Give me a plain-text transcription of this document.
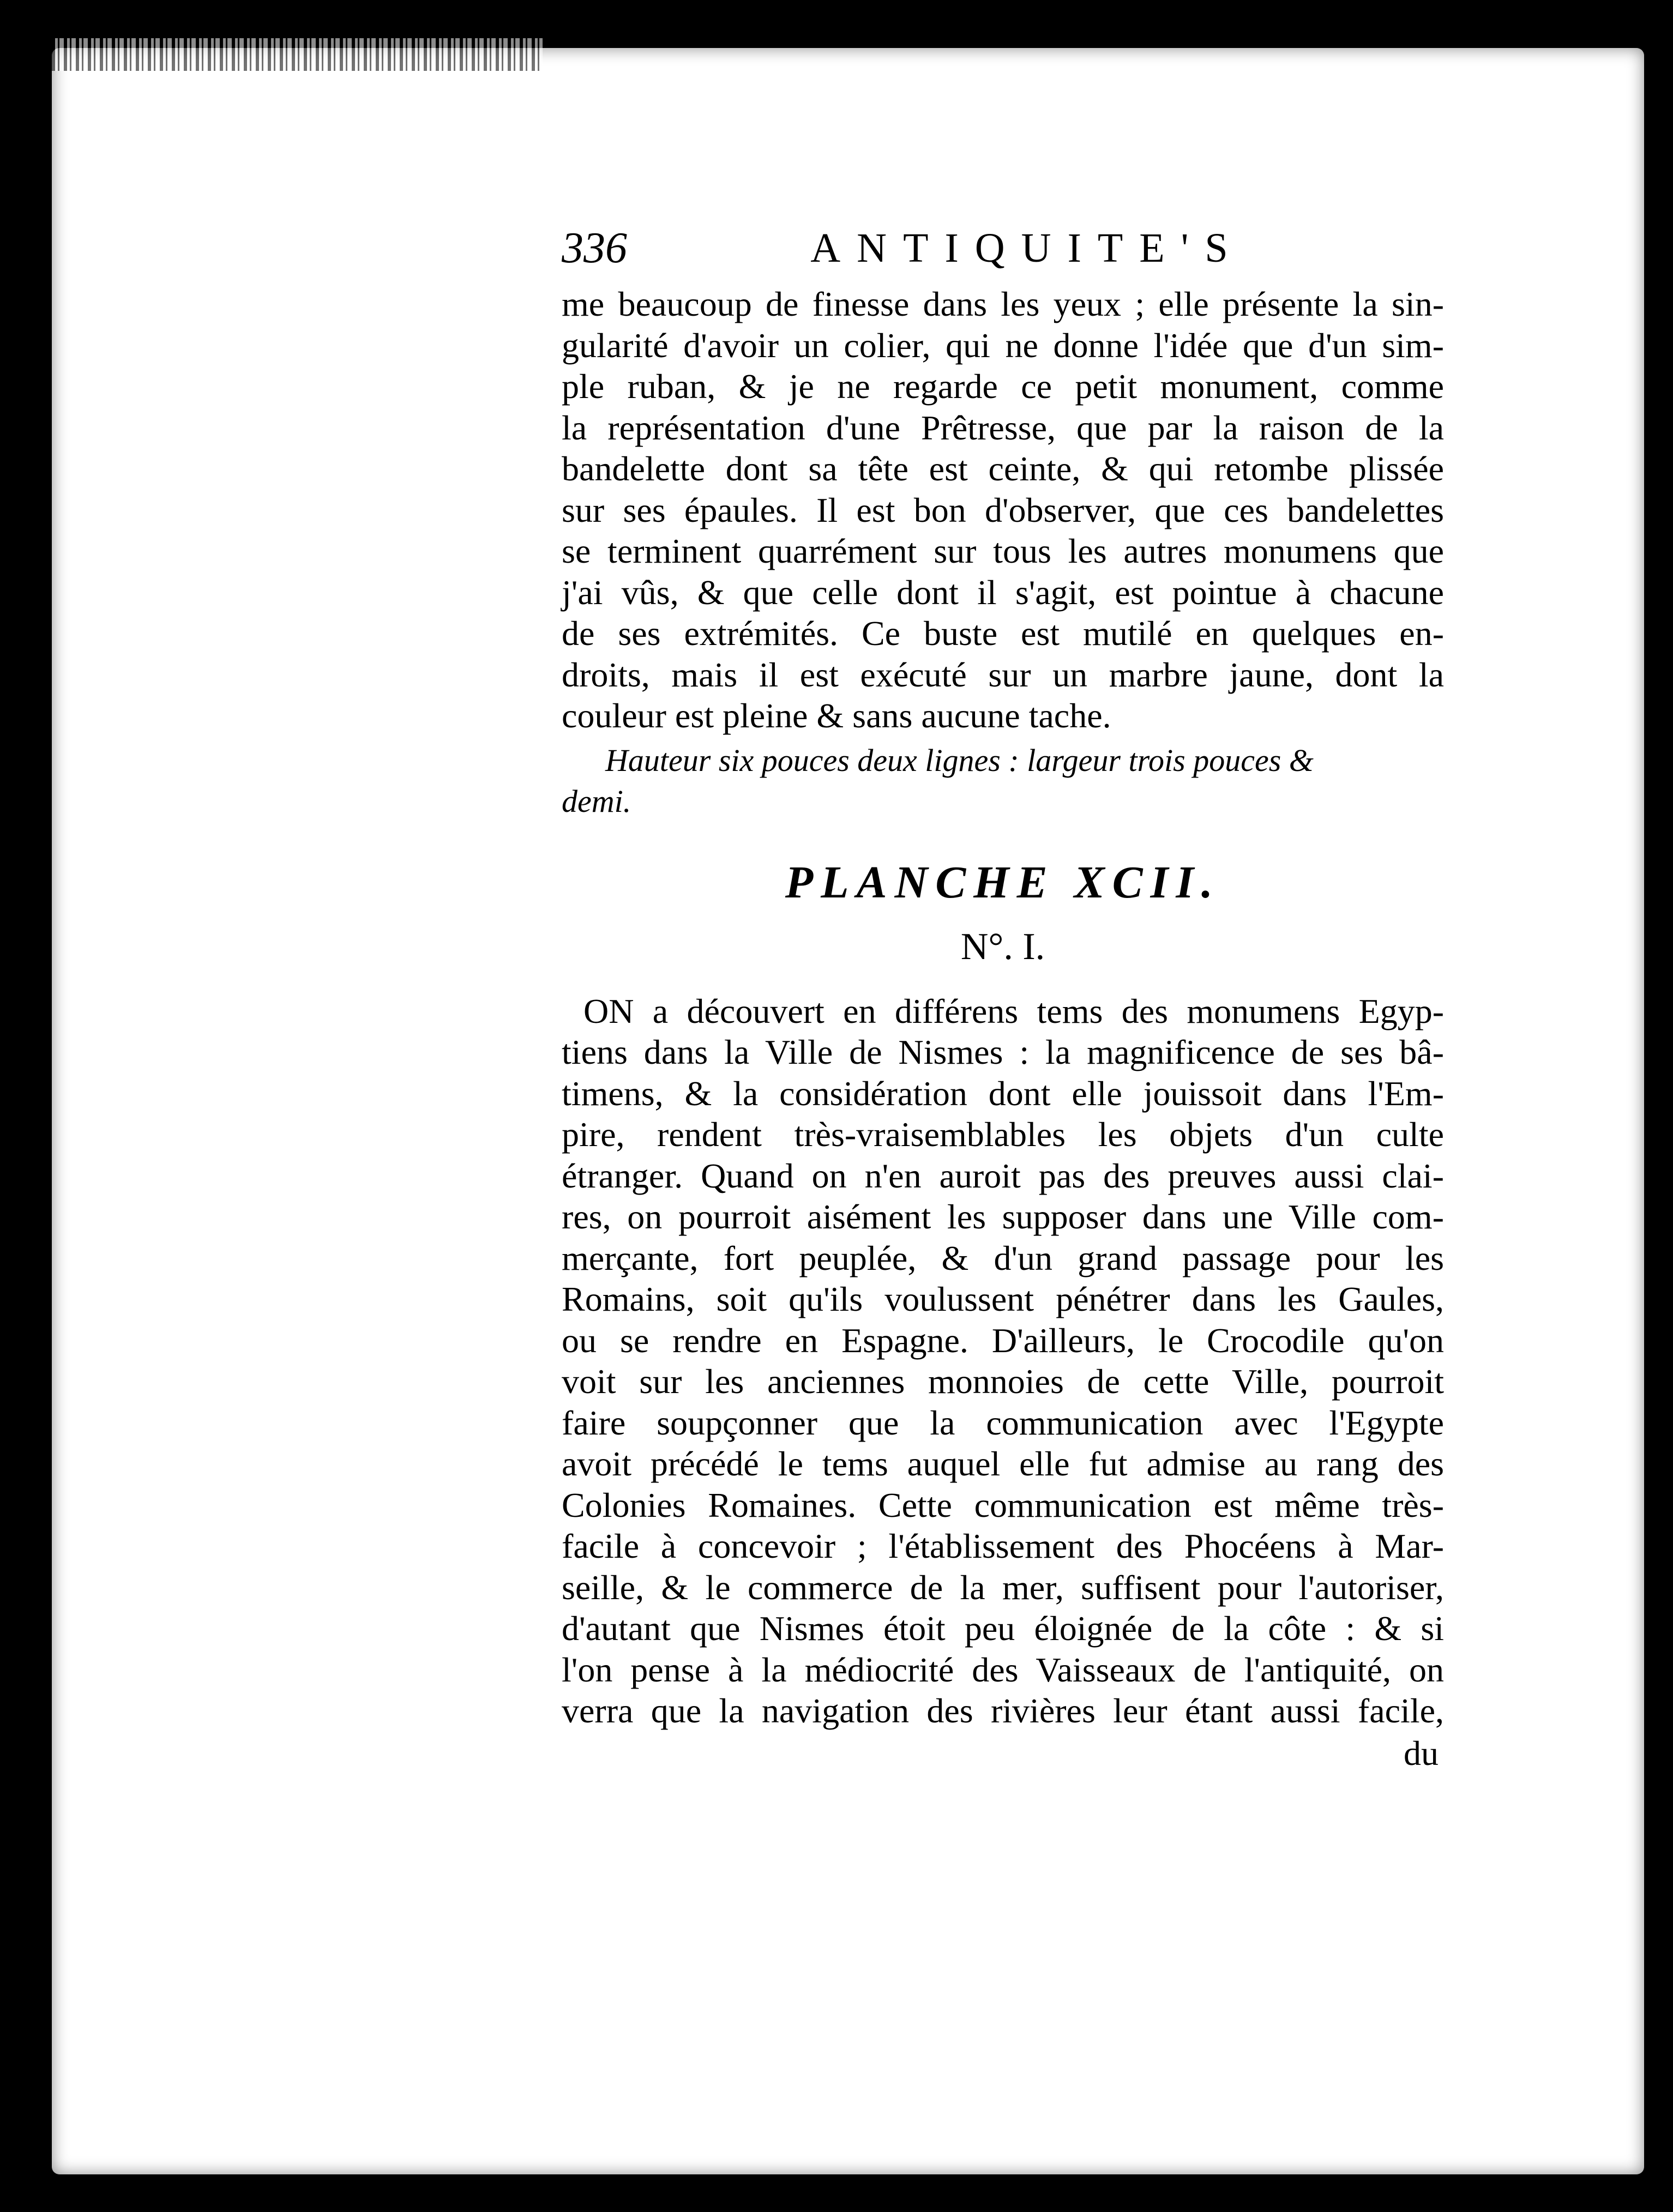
336	ANTIQUITE'S
me beaucoup de finesse dans les yeux ; elle présente la sin-
gularité d'avoir un colier, qui ne donne l'idée que d'un sim-
ple ruban, & je ne regarde ce petit monument, comme
la représentation d'une Prêtresse, que par la raison de la
bandelette dont sa tête est ceinte, & qui retombe plissée
sur ses épaules. Il est bon d'observer, que ces bandelettes
se terminent quarrément sur tous les autres monumens que
j'ai vûs, & que celle dont il s'agit, est pointue à chacune
de ses extrémités. Ce buste est mutilé en quelques en-
droits, mais il est exécuté sur un marbre jaune, dont la
couleur est pleine & sans aucune tache.
Hauteur six pouces deux lignes : largeur trois pouces &
demi.
PLANCHE XCII.
N°. I.
ON a découvert en différens tems des monumens Egyp-
tiens dans la Ville de Nismes : la magnificence de ses bâ-
timens, & la considération dont elle jouissoit dans l'Em-
pire, rendent très-vraisemblables les objets d'un culte
étranger. Quand on n'en auroit pas des preuves aussi clai-
res, on pourroit aisément les supposer dans une Ville com-
merçante, fort peuplée, & d'un grand passage pour les
Romains, soit qu'ils voulussent pénétrer dans les Gaules,
ou se rendre en Espagne. D'ailleurs, le Crocodile qu'on
voit sur les anciennes monnoies de cette Ville, pourroit
faire soupçonner que la communication avec l'Egypte
avoit précédé le tems auquel elle fut admise au rang des
Colonies Romaines. Cette communication est même très-
facile à concevoir ; l'établissement des Phocéens à Mar-
seille, & le commerce de la mer, suffisent pour l'autoriser,
d'autant que Nismes étoit peu éloignée de la côte : & si
l'on pense à la médiocrité des Vaisseaux de l'antiquité, on
verra que la navigation des rivières leur étant aussi facile,
du
